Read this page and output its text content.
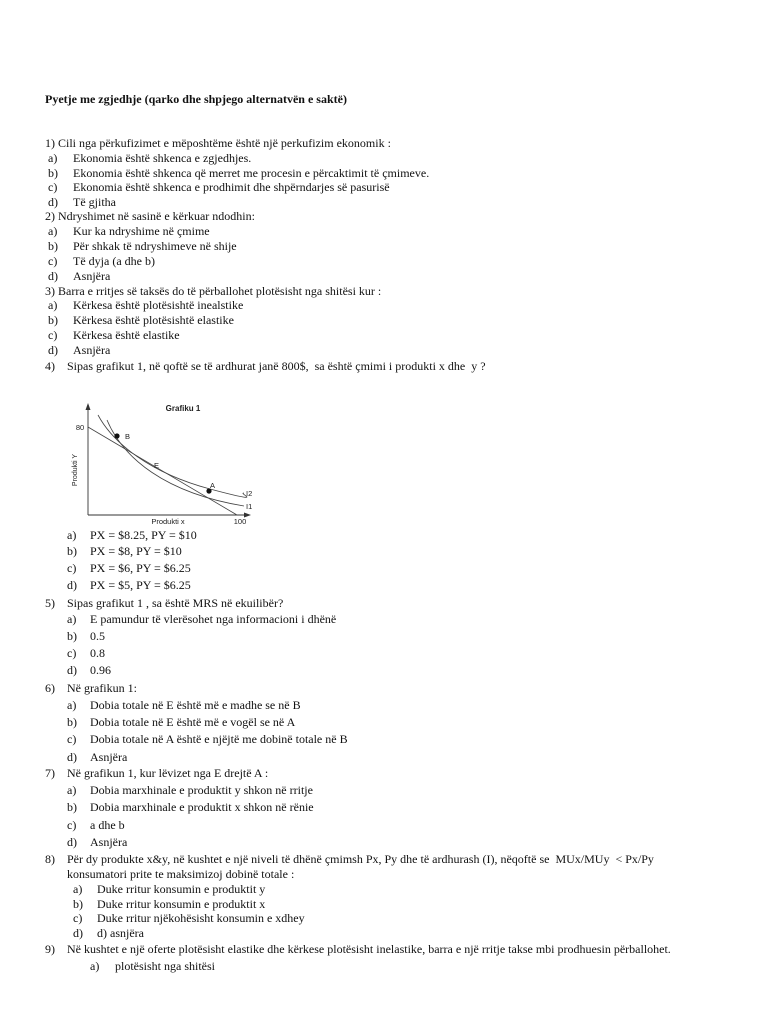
Pyetje me zgjedhje (qarko dhe shpjego alternatvën e saktë)
1) Cili nga përkufizimet e mëposhtëme është një perkufizim ekonomik :
a) Ekonomia është shkenca e zgjedhjes.
b) Ekonomia është shkenca që merret me procesin e përcaktimit të çmimeve.
c) Ekonomia është shkenca e prodhimit dhe shpërndarjes së pasurisë
d) Të gjitha
2) Ndryshimet në sasinë e kërkuar ndodhin:
a) Kur ka ndryshime në çmime
b) Për shkak të ndryshimeve në shije
c) Të dyja (a dhe b)
d) Asnjëra
3) Barra e rritjes së taksës do të përballohet plotësisht nga shitësi kur :
a) Kërkesa është plotësishtë inealstike
b) Kërkesa është plotësishtë elastike
c) Kërkesa është elastike
d) Asnjëra
4) Sipas grafikut 1, në qoftë se të ardhurat janë 800$,  sa është çmimi i produkti x dhe  y ?
Grafiku 1
80
Produkti Y
Produkti x	100
B
E
A
I2
I1
a) PX = $8.25, PY = $10
b) PX = $8, PY = $10
c) PX = $6, PY = $6.25
d) PX = $5, PY = $6.25
5) Sipas grafikut 1 , sa është MRS në ekuilibër?
a) E pamundur të vlerësohet nga informacioni i dhënë
b) 0.5
c) 0.8
d) 0.96
6) Në grafikun 1:
a) Dobia totale në E është më e madhe se në B
b) Dobia totale në E është më e vogël se në A
c) Dobia totale në A është e njëjtë me dobinë totale në B
d) Asnjëra
7) Në grafikun 1, kur lëvizet nga E drejtë A :
a) Dobia marxhinale e produktit y shkon në rritje
b) Dobia marxhinale e produktit x shkon në rënie
c) a dhe b
d) Asnjëra
8) Për dy produkte x&y, në kushtet e një niveli të dhënë çmimsh Px, Py dhe të ardhurash (I), nëqoftë se  MUx/MUy  < Px/Py
konsumatori prite te maksimizoj dobinë totale :
a) Duke rritur konsumin e produktit y
b) Duke rritur konsumin e produktit x
c) Duke rritur njëkohësisht konsumin e xdhey
d) d) asnjëra
9) Në kushtet e një oferte plotësisht elastike dhe kërkese plotësisht inelastike, barra e një rritje takse mbi prodhuesin përballohet.
a) plotësisht nga shitësi
